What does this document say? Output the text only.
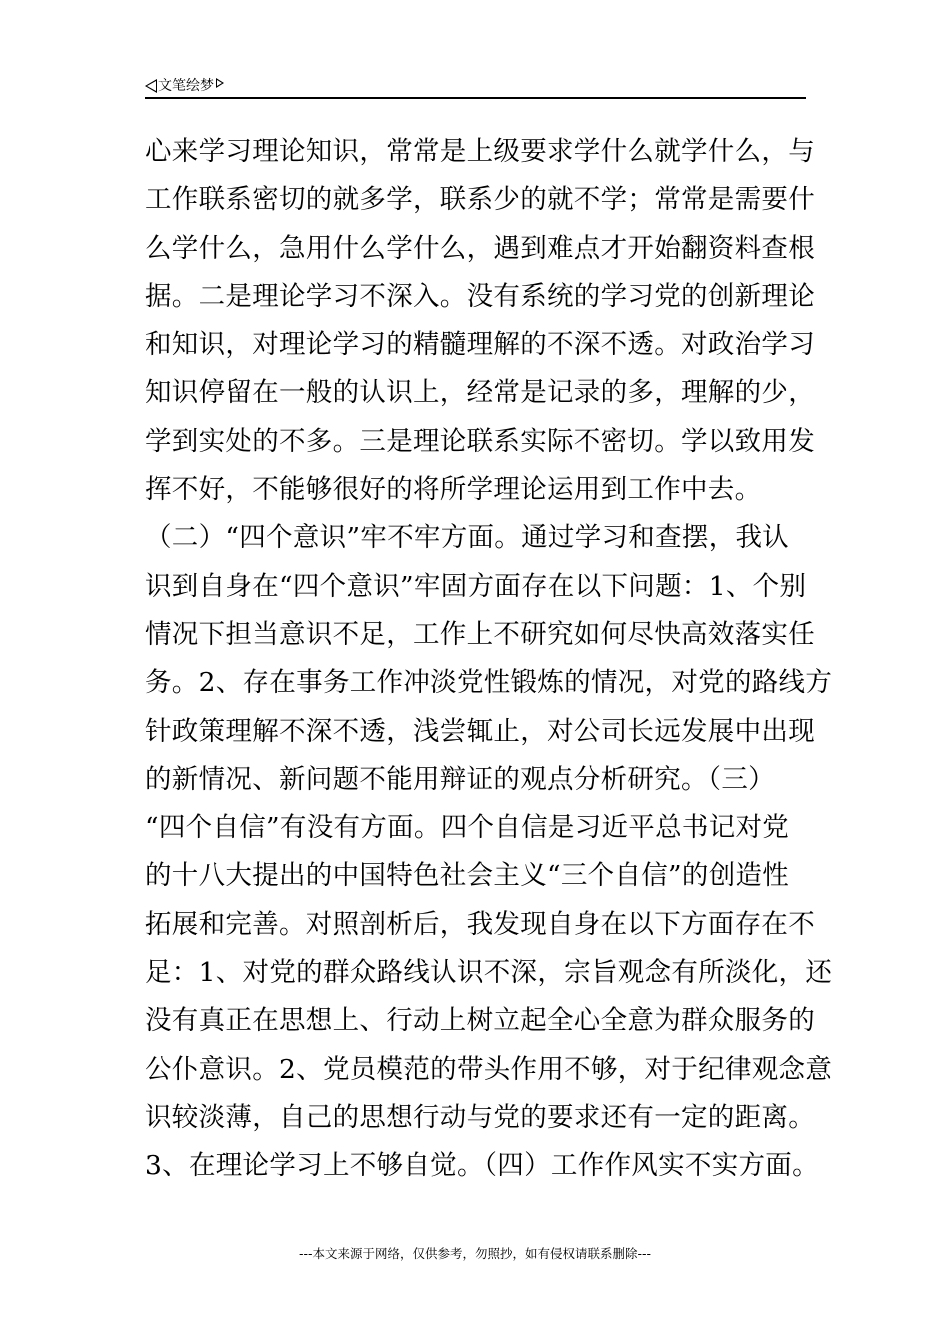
文笔绘梦
心来学习理论知识，常常是上级要求学什么就学什么，与
工作联系密切的就多学，联系少的就不学；常常是需要什
么学什么，急用什么学什么，遇到难点才开始翻资料查根
据。二是理论学习不深入。没有系统的学习党的创新理论
和知识，对理论学习的精髓理解的不深不透。对政治学习
知识停留在一般的认识上，经常是记录的多，理解的少，
学到实处的不多。三是理论联系实际不密切。学以致用发
挥不好，不能够很好的将所学理论运用到工作中去。
（二）“四个意识”牢不牢方面。通过学习和查摆，我认
识到自身在“四个意识”牢固方面存在以下问题：1、个别
情况下担当意识不足，工作上不研究如何尽快高效落实任
务。2、存在事务工作冲淡党性锻炼的情况，对党的路线方
针政策理解不深不透，浅尝辄止，对公司长远发展中出现
的新情况、新问题不能用辩证的观点分析研究。（三）
“四个自信”有没有方面。四个自信是习近平总书记对党
的十八大提出的中国特色社会主义“三个自信”的创造性
拓展和完善。对照剖析后，我发现自身在以下方面存在不
足：1、对党的群众路线认识不深，宗旨观念有所淡化，还
没有真正在思想上、行动上树立起全心全意为群众服务的
公仆意识。2、党员模范的带头作用不够，对于纪律观念意
识较淡薄，自己的思想行动与党的要求还有一定的距离。
3、在理论学习上不够自觉。（四）工作作风实不实方面。
---本文来源于网络，仅供参考，勿照抄，如有侵权请联系删除---
